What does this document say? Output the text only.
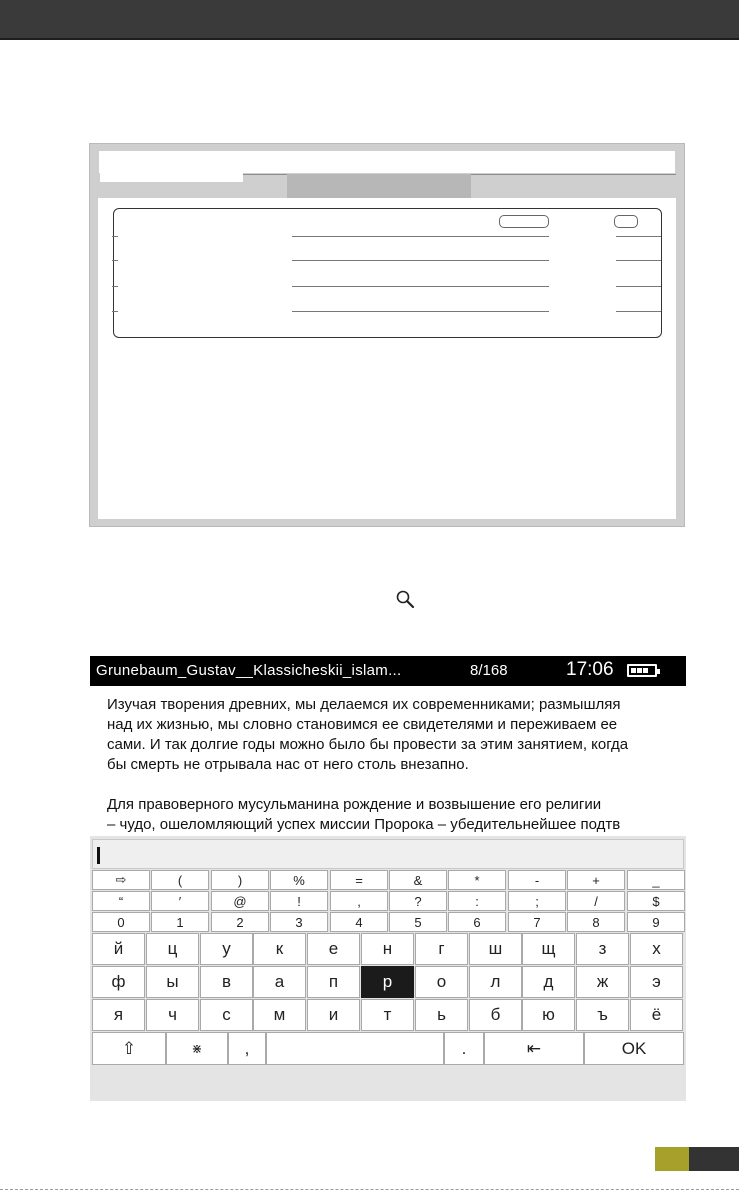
Grunebaum_Gustav__Klassicheskii_islam...	8/168	17:06
Изучая творения древних, мы делаемся их современниками; размышляя
над их жизнью, мы словно становимся ее свидетелями и переживаем ее
сами. И так долгие годы можно было бы провести за этим занятием, когда
бы смерть не отрывала нас от него столь внезапно.
Для правоверного мусульманина рождение и возвышение его религии
– чудо, ошеломляющий успех миссии Пророка – убедительнейшее подтв
⇨	(	)	%	=	&	*	-	+	_
“	′	@	!	,	?	:	;	/	$
0	1	2	3	4	5	6	7	8	9
й	ц	у	к	е	н	г	ш	щ	з	х
ф	ы	в	а	п	р	о	л	д	ж	э
я	ч	с	м	и	т	ь	б	ю	ъ	ё
⇧	⋇	,	.	⇤	OK
